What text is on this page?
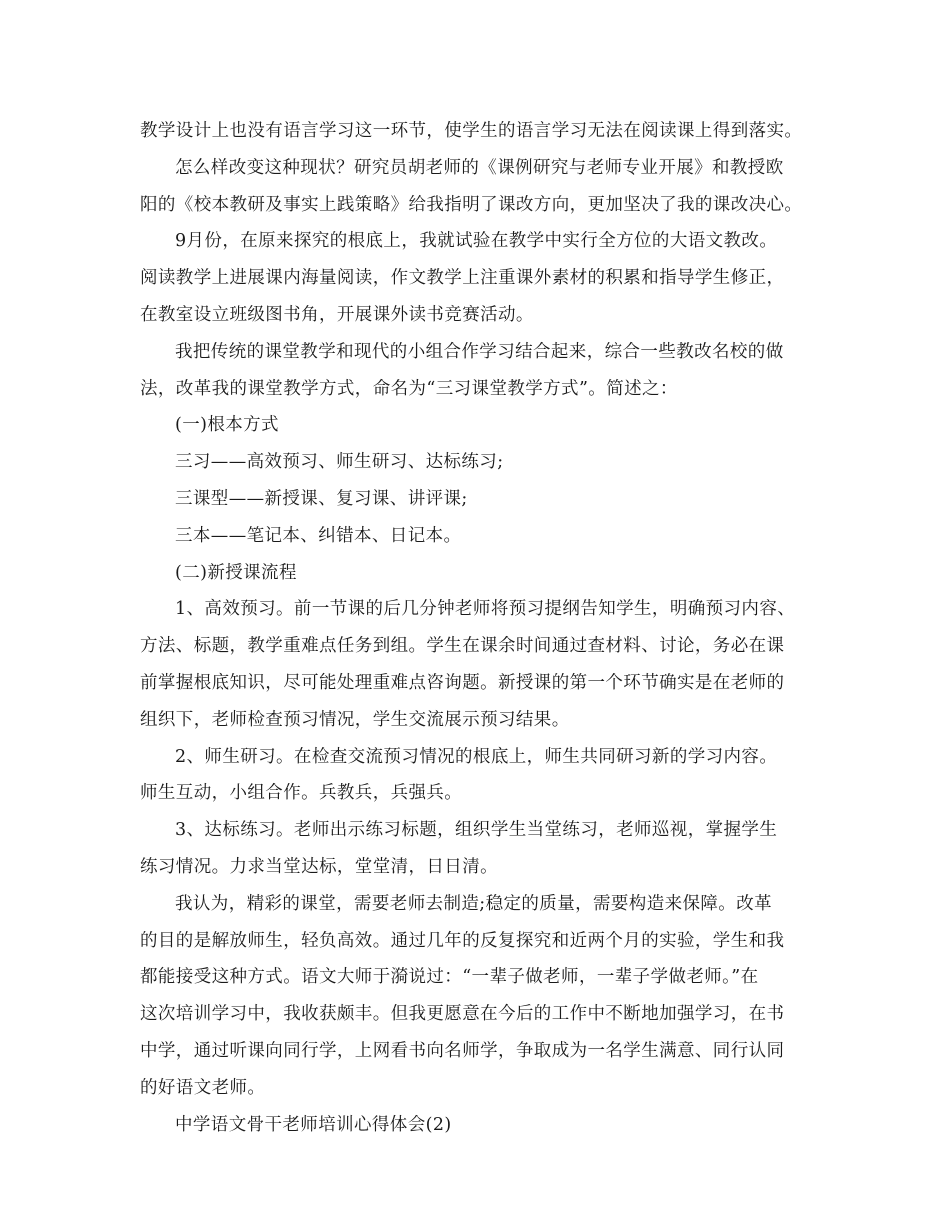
教学设计上也没有语言学习这一环节，使学生的语言学习无法在阅读课上得到落实。
怎么样改变这种现状？研究员胡老师的《课例研究与老师专业开展》和教授欧
阳的《校本教研及事实上践策略》给我指明了课改方向，更加坚决了我的课改决心。
9月份，在原来探究的根底上，我就试验在教学中实行全方位的大语文教改。
阅读教学上进展课内海量阅读，作文教学上注重课外素材的积累和指导学生修正，
在教室设立班级图书角，开展课外读书竞赛活动。
我把传统的课堂教学和现代的小组合作学习结合起来，综合一些教改名校的做
法，改革我的课堂教学方式，命名为“三习课堂教学方式”。简述之：
(一)根本方式
三习——高效预习、师生研习、达标练习;
三课型——新授课、复习课、讲评课;
三本——笔记本、纠错本、日记本。
(二)新授课流程
1、高效预习。前一节课的后几分钟老师将预习提纲告知学生，明确预习内容、
方法、标题，教学重难点任务到组。学生在课余时间通过查材料、讨论，务必在课
前掌握根底知识，尽可能处理重难点咨询题。新授课的第一个环节确实是在老师的
组织下，老师检查预习情况，学生交流展示预习结果。
2、师生研习。在检查交流预习情况的根底上，师生共同研习新的学习内容。
师生互动，小组合作。兵教兵，兵强兵。
3、达标练习。老师出示练习标题，组织学生当堂练习，老师巡视，掌握学生
练习情况。力求当堂达标，堂堂清，日日清。
我认为，精彩的课堂，需要老师去制造;稳定的质量，需要构造来保障。改革
的目的是解放师生，轻负高效。通过几年的反复探究和近两个月的实验，学生和我
都能接受这种方式。语文大师于漪说过：“一辈子做老师，一辈子学做老师。”在
这次培训学习中，我收获颇丰。但我更愿意在今后的工作中不断地加强学习，在书
中学，通过听课向同行学，上网看书向名师学，争取成为一名学生满意、同行认同
的好语文老师。
中学语文骨干老师培训心得体会(2)
